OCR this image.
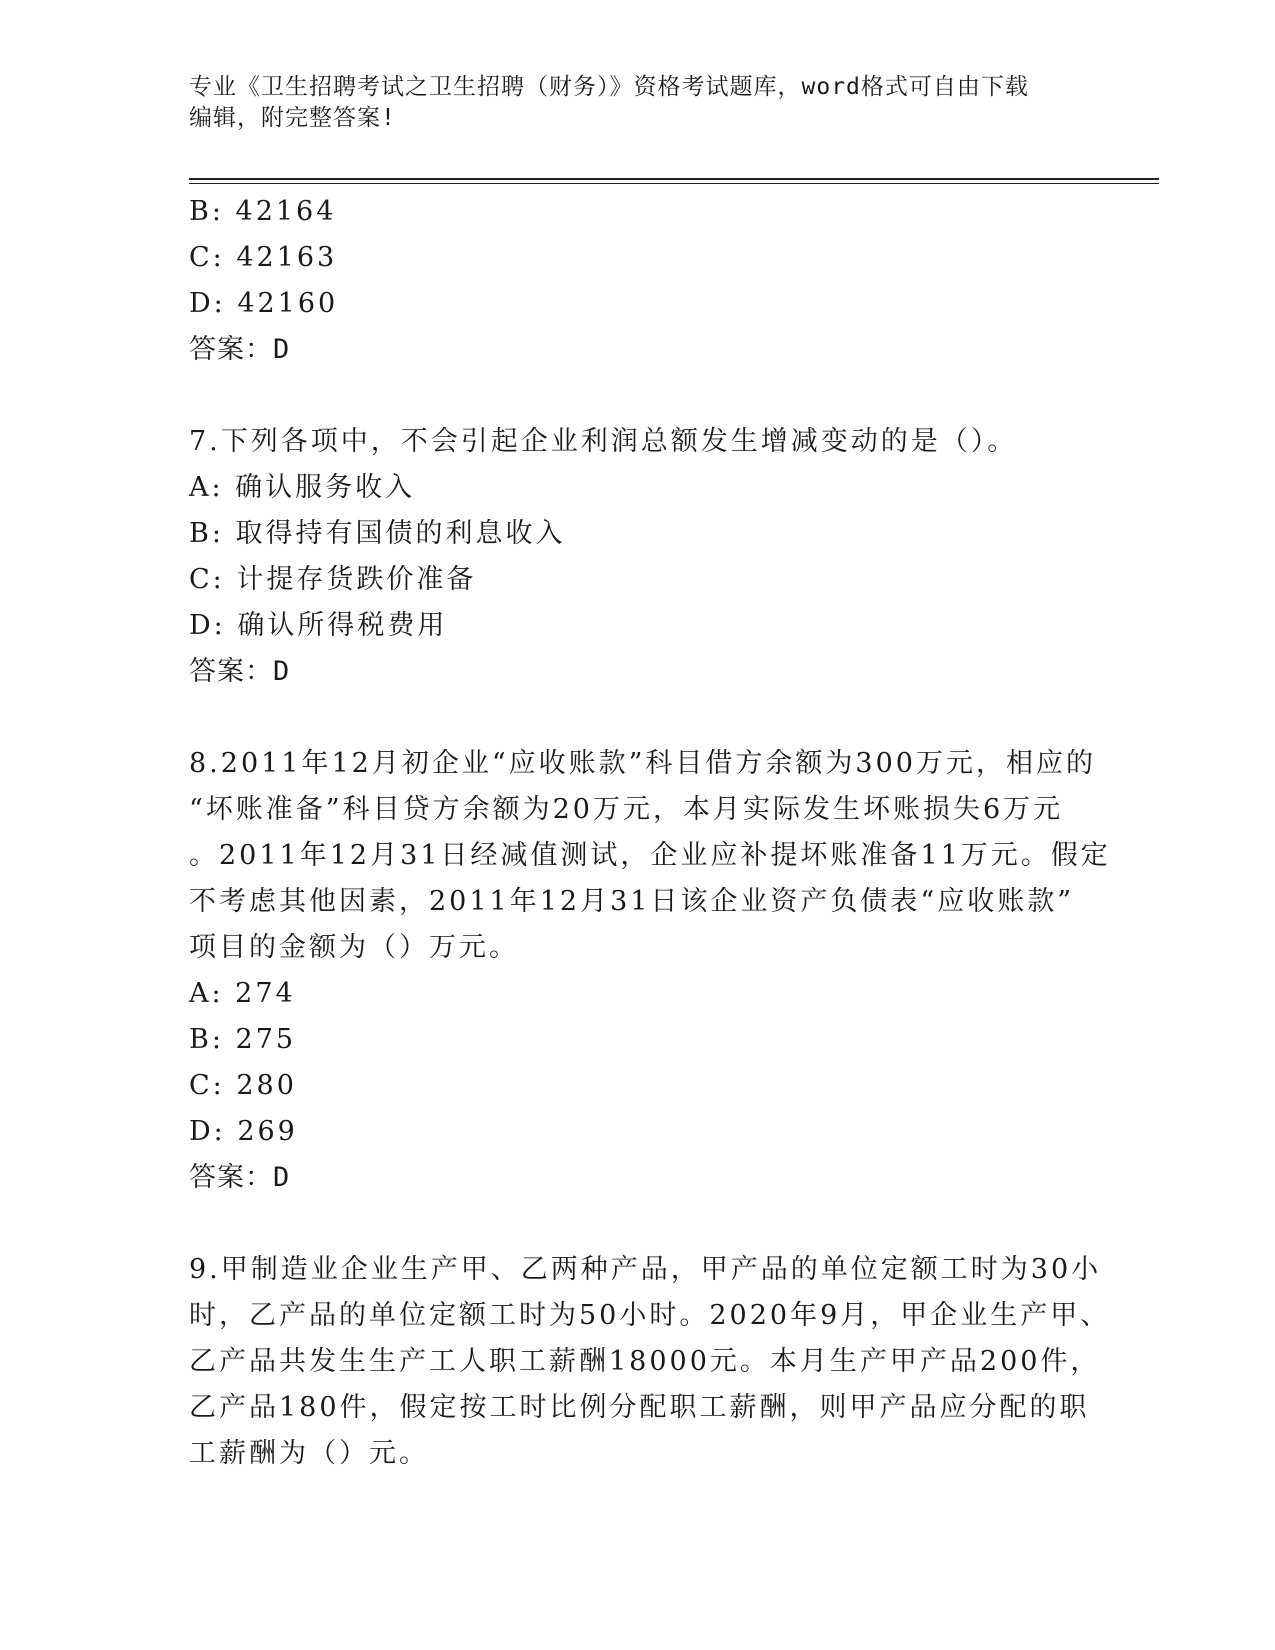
专业《卫生招聘考试之卫生招聘（财务）》资格考试题库，word格式可自由下载
编辑，附完整答案!
B: 42164
C: 42163
D: 42160
答案：D
7.下列各项中，不会引起企业利润总额发生增减变动的是（）。
A: 确认服务收入
B: 取得持有国债的利息收入
C: 计提存货跌价准备
D: 确认所得税费用
答案：D
8.2011年12月初企业“应收账款”科目借方余额为300万元，相应的
“坏账准备”科目贷方余额为20万元，本月实际发生坏账损失6万元
。2011年12月31日经减值测试，企业应补提坏账准备11万元。假定
不考虑其他因素，2011年12月31日该企业资产负债表“应收账款”
项目的金额为（）万元。
A: 274
B: 275
C: 280
D: 269
答案：D
9.甲制造业企业生产甲、乙两种产品，甲产品的单位定额工时为30小
时，乙产品的单位定额工时为50小时。2020年9月，甲企业生产甲、
乙产品共发生生产工人职工薪酬18000元。本月生产甲产品200件，
乙产品180件，假定按工时比例分配职工薪酬，则甲产品应分配的职
工薪酬为（）元。
